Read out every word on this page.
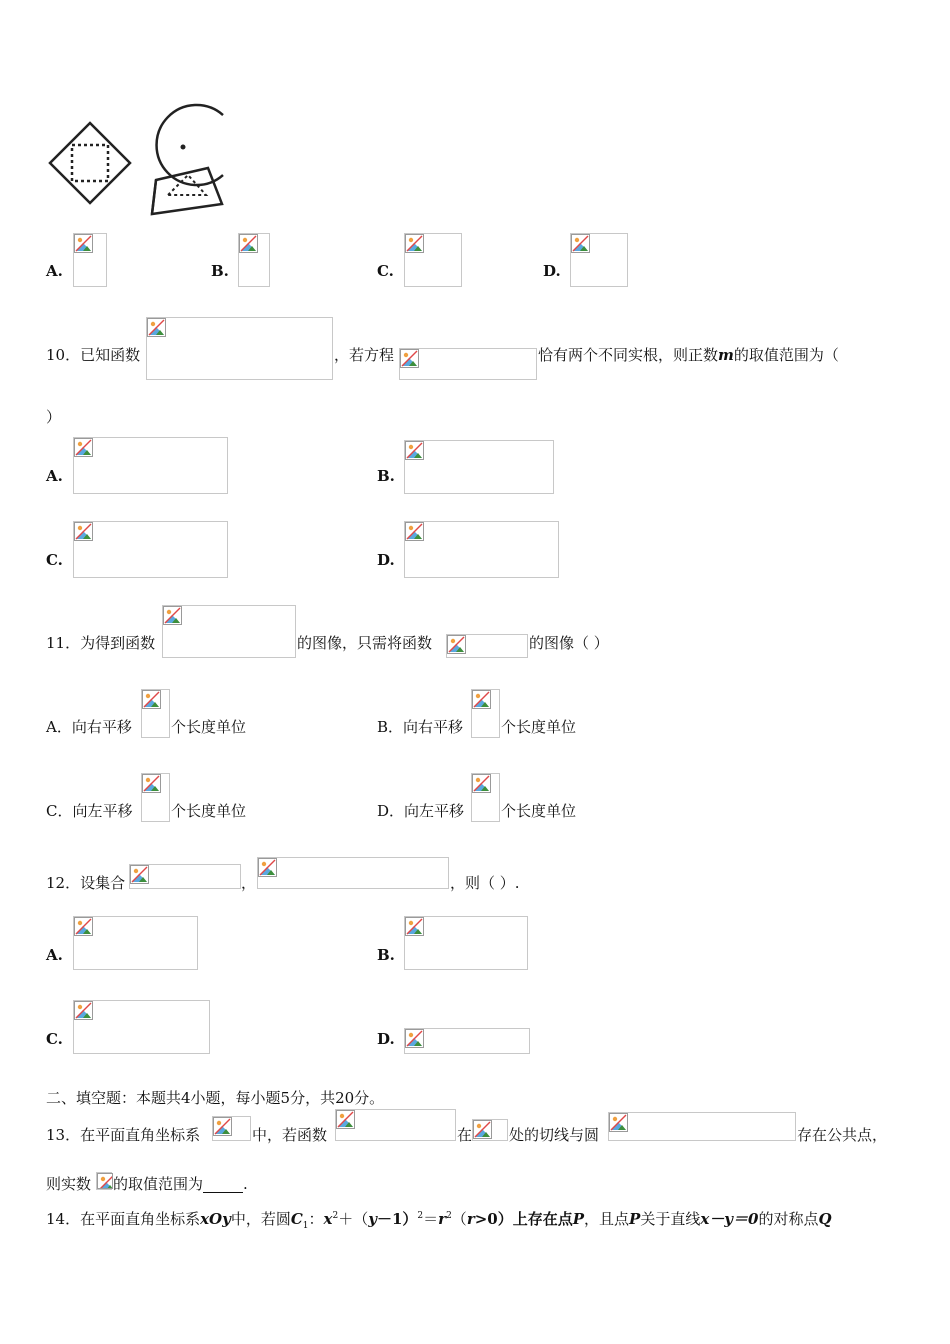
A.	B.	C.	D.
10．已知函数	，若方程	恰有两个不同实根，则正数m的取值范围为（
）
A.	B.
C.	D.
11．为得到函数	的图像，只需将函数	的图像（ ）
A．向右平移	个长度单位	B．向右平移	个长度单位
C．向左平移	个长度单位	D．向左平移 个长度单位
12．设集合	，	，则（ ）.
A.	B.
C.	D.
二、填空题：本题共4小题，每小题5分，共20分。
13．在平面直角坐标系	中，若函数	在 处的切线与圆	存在公共点，
则实数 的取值范围为	.
14．在平面直角坐标系xOy中，若圆$C_1$：$x^2+(y-1)^2=r^2(r>0)$上存在点P，且点P关于直线x－y＝0的对称点Q
